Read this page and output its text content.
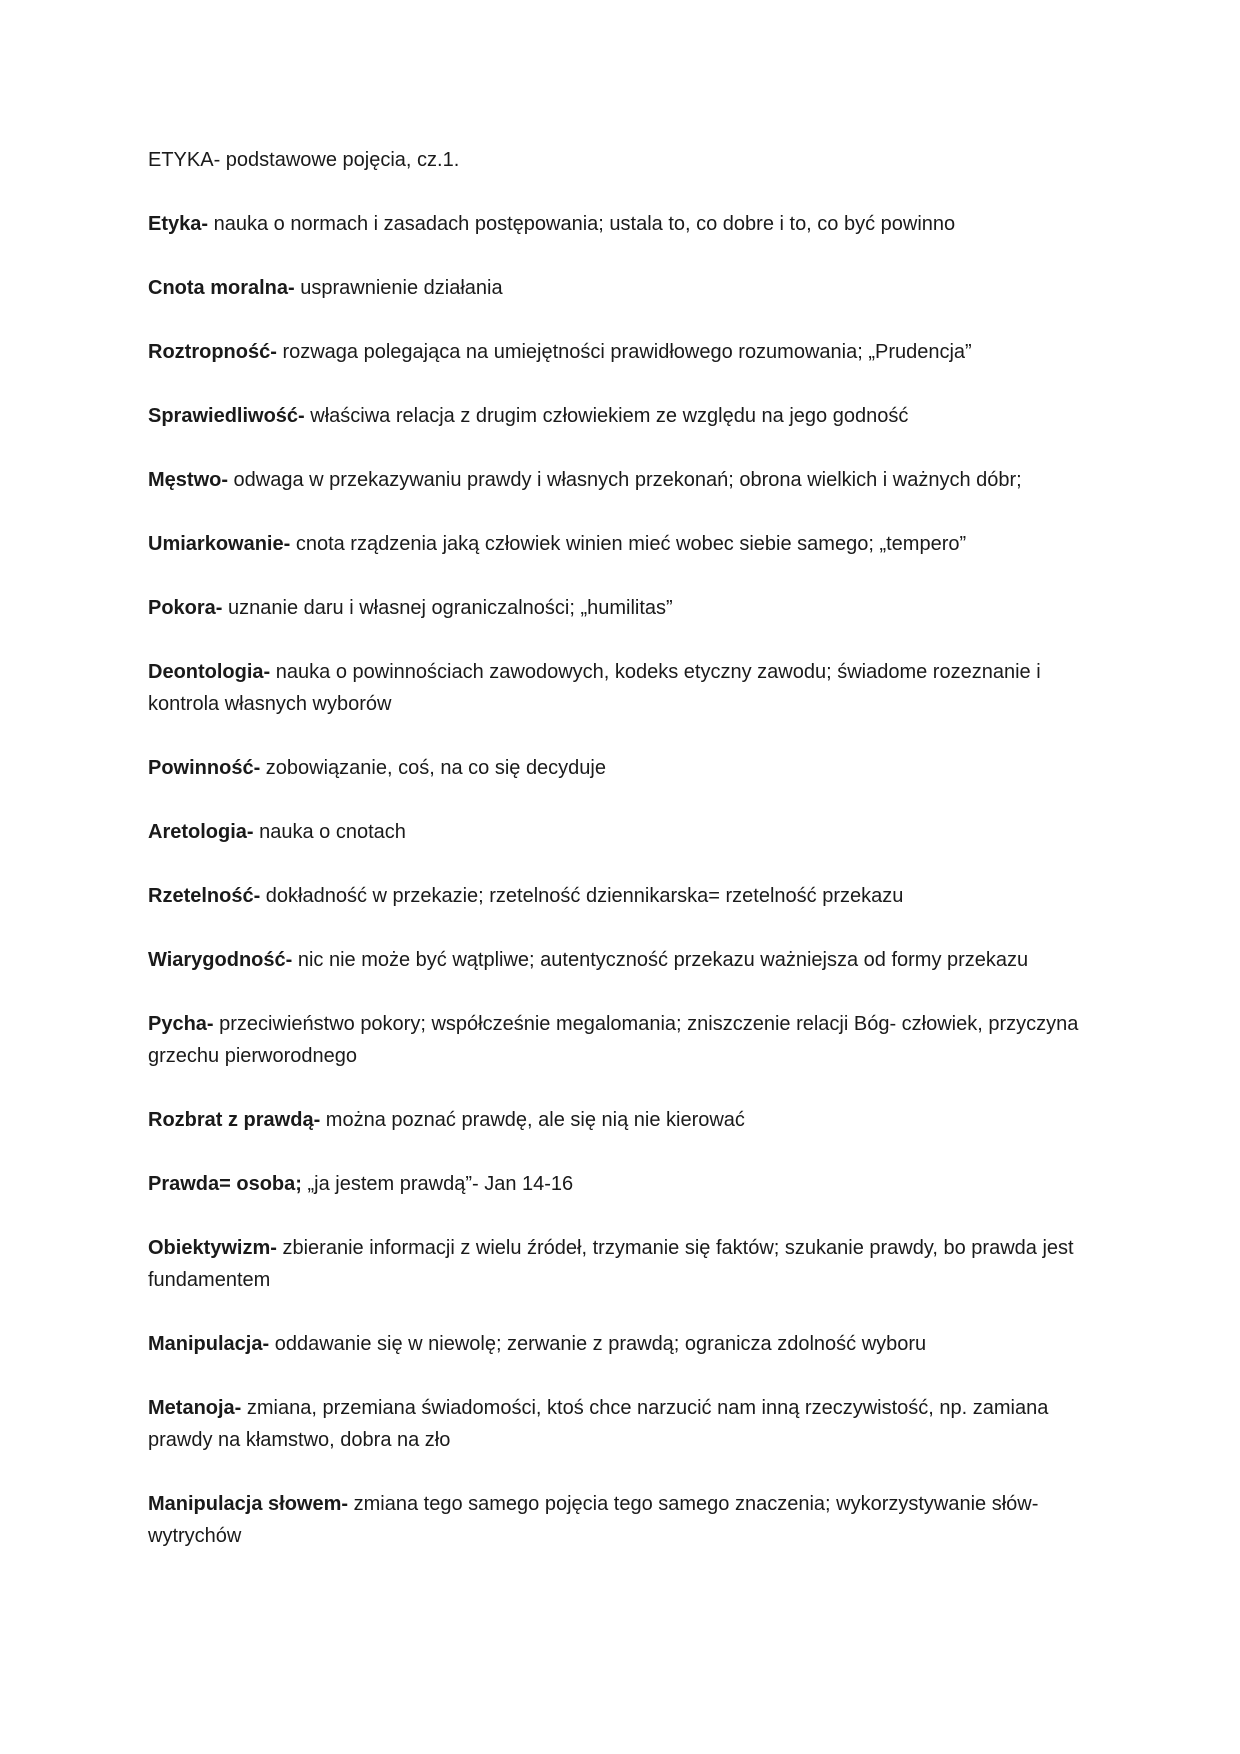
ETYKA- podstawowe pojęcia, cz.1.

Etyka- nauka o normach i zasadach postępowania; ustala to, co dobre i to, co być powinno

Cnota moralna- usprawnienie działania

Roztropność- rozwaga polegająca na umiejętności prawidłowego rozumowania; „Prudencja”

Sprawiedliwość- właściwa relacja z drugim człowiekiem ze względu na jego godność

Męstwo- odwaga w przekazywaniu prawdy i własnych przekonań; obrona wielkich i ważnych dóbr;

Umiarkowanie- cnota rządzenia jaką człowiek winien mieć wobec siebie samego; „tempero”

Pokora- uznanie daru i własnej ograniczalności; „humilitas”

Deontologia- nauka o powinnościach zawodowych, kodeks etyczny zawodu; świadome rozeznanie i kontrola własnych wyborów

Powinność- zobowiązanie, coś, na co się decyduje

Aretologia- nauka o cnotach

Rzetelność- dokładność w przekazie; rzetelność dziennikarska= rzetelność przekazu

Wiarygodność- nic nie może być wątpliwe; autentyczność przekazu ważniejsza od formy przekazu

Pycha- przeciwieństwo pokory; współcześnie megalomania; zniszczenie relacji Bóg- człowiek, przyczyna grzechu pierworodnego

Rozbrat z prawdą- można poznać prawdę, ale się nią nie kierować

Prawda= osoba; „ja jestem prawdą”- Jan 14-16

Obiektywizm- zbieranie informacji z wielu źródeł, trzymanie się faktów; szukanie prawdy, bo prawda jest fundamentem

Manipulacja- oddawanie się w niewolę; zerwanie z prawdą; ogranicza zdolność wyboru

Metanoja- zmiana, przemiana świadomości, ktoś chce narzucić nam inną rzeczywistość, np. zamiana prawdy na kłamstwo, dobra na zło

Manipulacja słowem- zmiana tego samego pojęcia tego samego znaczenia; wykorzystywanie słów-wytrychów
